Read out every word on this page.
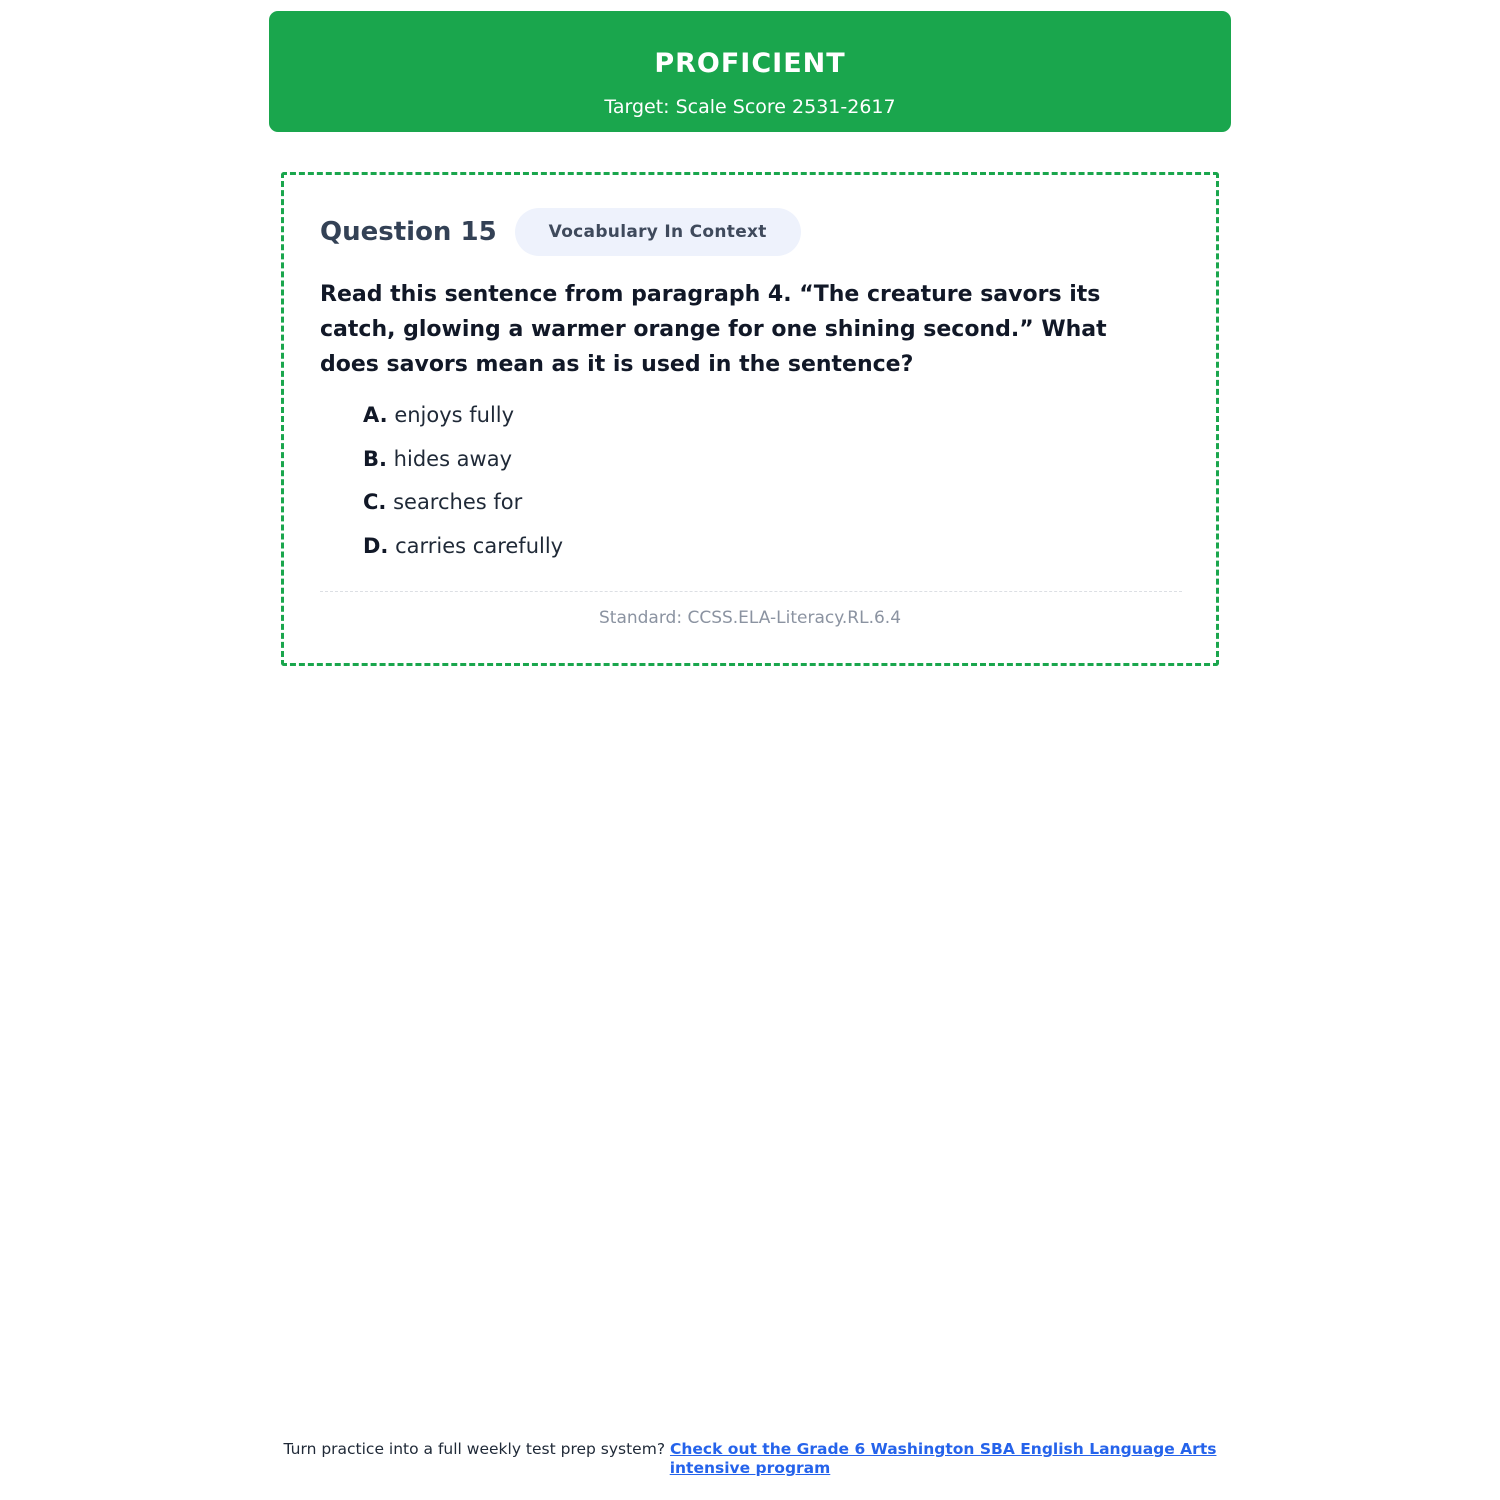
PROFICIENT
Target: Scale Score 2531-2617
Question 15	Vocabulary In Context
Read this sentence from paragraph 4. “The creature savors its catch, glowing a warmer orange for one shining second.” What does savors mean as it is used in the sentence?
A. enjoys fully
B. hides away
C. searches for
D. carries carefully
Standard: CCSS.ELA-Literacy.RL.6.4
Turn practice into a full weekly test prep system? Check out the Grade 6 Washington SBA English Language Arts intensive program
